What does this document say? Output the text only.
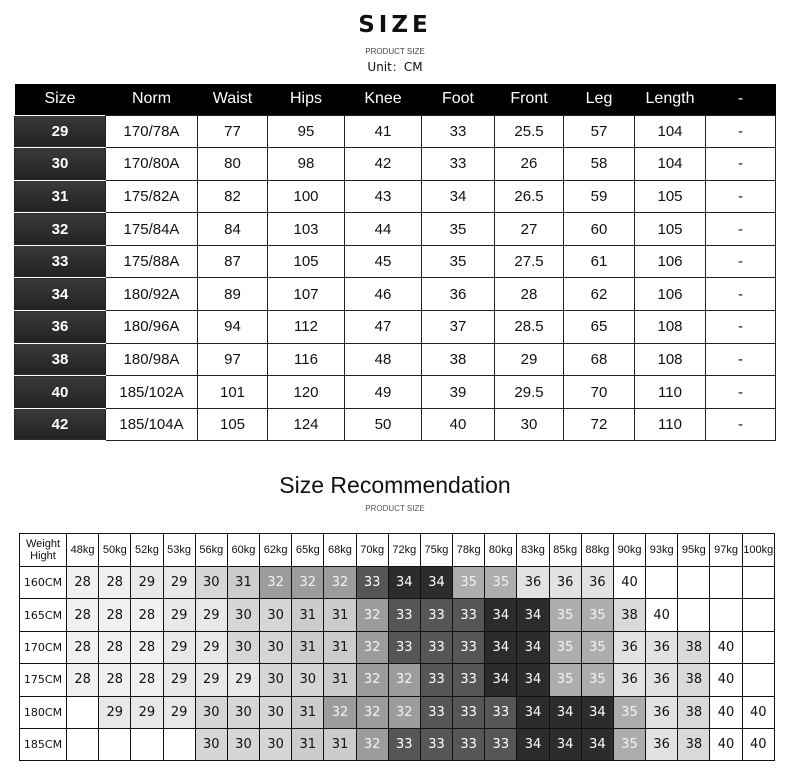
SIZE
PRODUCT SIZE
Unit：CM
Size	Norm	Waist	Hips	Knee	Foot	Front	Leg	Length	-
29	170/78A	77	95	41	33	25.5	57	104	-
30	170/80A	80	98	42	33	26	58	104	-
31	175/82A	82	100	43	34	26.5	59	105	-
32	175/84A	84	103	44	35	27	60	105	-
33	175/88A	87	105	45	35	27.5	61	106	-
34	180/92A	89	107	46	36	28	62	106	-
36	180/96A	94	112	47	37	28.5	65	108	-
38	180/98A	97	116	48	38	29	68	108	-
40	185/102A	101	120	49	39	29.5	70	110	-
42	185/104A	105	124	50	40	30	72	110	-
Size Recommendation
PRODUCT SIZE
Weight
Hight	48kg	50kg	52kg	53kg	56kg	60kg	62kg	65kg	68kg	70kg	72kg	75kg	78kg	80kg	83kg	85kg	88kg	90kg	93kg	95kg	97kg	100kg
160CM	28	28	29	29	30	31	32	32	32	33	34	34	35	35	36	36	36	40				
165CM	28	28	28	29	29	30	30	31	31	32	33	33	33	34	34	35	35	38	40			
170CM	28	28	28	29	29	30	30	31	31	32	33	33	33	34	34	35	35	36	36	38	40	
175CM	28	28	28	29	29	29	30	30	31	32	32	33	33	34	34	35	35	36	36	38	40	
180CM		29	29	29	30	30	30	31	32	32	32	33	33	33	34	34	34	35	36	38	40	40
185CM					30	30	30	31	31	32	33	33	33	33	34	34	34	35	36	38	40	40
